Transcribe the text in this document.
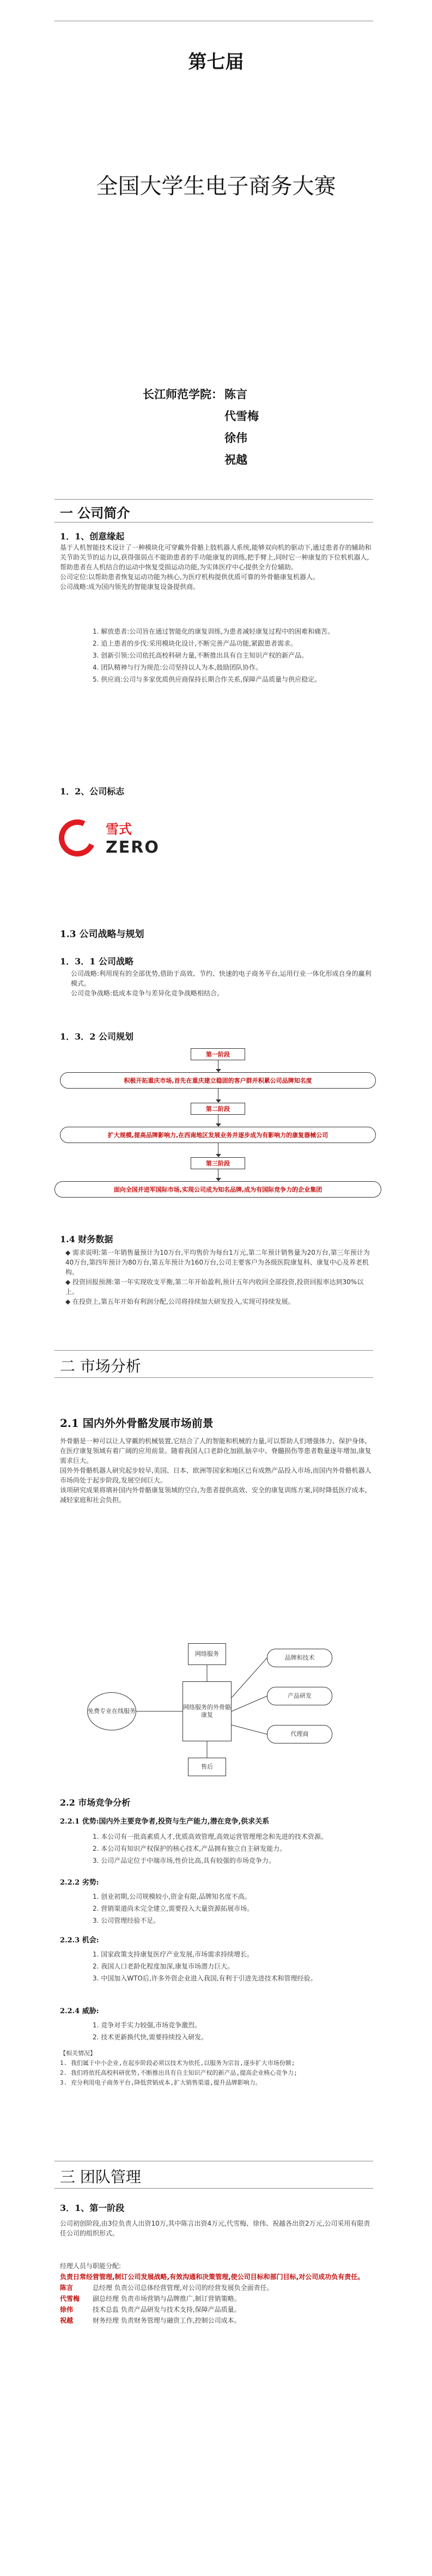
第七届
全国大学生电子商务大赛
长江师范学院： 陈言
代雪梅
徐伟
祝越
一 公司简介
1．1、创意缘起

基于人机智能技术设计了一种模块化可穿戴外骨骼上肢机器人系统,能够双向机的驱动下,通过患者存的辅助和关节助关节的运力以,获得强弱点不能助患者的手功能康复的训练,把手臂上,同时它一种康复的下位机机器人,帮助患者在人机结合的运动中恢复受损运动功能,为实体医疗中心提供全方位辅助。

公司定位:以帮助患者恢复运动功能为核心,为医疗机构提供优质可靠的外骨骼康复机器人。

公司战略:成为国内领先的智能康复设备提供商。

1. 解放患者:公司旨在通过智能化的康复训练,为患者减轻康复过程中的困难和痛苦。
2. 追上患者的步伐:采用模块化设计,不断完善产品功能,紧跟患者需求。
3. 创新引领:公司依托高校科研力量,不断推出具有自主知识产权的新产品。
4. 团队精神与行为规范:公司坚持以人为本,鼓励团队协作。
5. 供应商:公司与多家优质供应商保持长期合作关系,保障产品质量与供应稳定。
1．2、公司标志
雪式
ZERO
1.3 公司战略与规划
1．3．1 公司战略

公司战略:利用现有的全部优势,借助于高效、节约、快速的电子商务平台,运用行业一体化形成自身的赢利模式。

公司竞争战略:低成本竞争与差异化竞争战略相结合。

1．3．2 公司规划
第一阶段
积极开拓重庆市场,首先在重庆建立稳固的客户群并积累公司品牌知名度
第二阶段
扩大规模,提高品牌影响力,在西南地区发展业务并逐步成为有影响力的康复器械公司
第三阶段
面向全国并进军国际市场,实现公司成为知名品牌,成为有国际竞争力的企业集团
1.4 财务数据

◆ 需求说明:第一年销售量预计为10万台,平均售价为每台1万元,第二年预计销售量为20万台,第三年预计为40万台,第四年预计为80万台,第五年预计为160万台,公司主要客户为各级医院康复科、康复中心及养老机构。

◆ 投资回报预测:第一年实现收支平衡,第二年开始盈利,预计五年内收回全部投资,投资回报率达到30%以上。

◆ 在投资上,第五年开始有利润分配,公司将持续加大研发投入,实现可持续发展。

二 市场分析
2.1 国内外外骨骼发展市场前景

外骨骼是一种可以让人穿戴的机械装置,它结合了人的智能和机械的力量,可以帮助人们增强体力、保护身体,在医疗康复领域有着广阔的应用前景。随着我国人口老龄化加剧,脑卒中、脊髓损伤等患者数量逐年增加,康复需求巨大。

国外外骨骼机器人研究起步较早,美国、日本、欧洲等国家和地区已有成熟产品投入市场,而国内外骨骼机器人市场尚处于起步阶段,发展空间巨大。

该项研究成果将填补国内外骨骼康复领域的空白,为患者提供高效、安全的康复训练方案,同时降低医疗成本,减轻家庭和社会负担。

网络服务
网络服务的外骨骼康复
免费专业在线服务
品牌和技术
产品研发
代理商
售后
2.2 市场竞争分析
2.2.1 优势:国内外主要竞争者,投资与生产能力,潜在竞争,供求关系
1. 本公司有一批高素质人才,优质高效管理,高效运营管理理念和先进的技术资源。
2. 本公司有知识产权保护的核心技术,产品拥有独立自主研发能力。
3. 公司产品定位于中端市场,性价比高,具有较强的市场竞争力。
2.2.2 劣势:
1. 创业初期,公司规模较小,资金有限,品牌知名度不高。
2. 营销渠道尚未完全建立,需要投入大量资源拓展市场。
3. 公司管理经验不足。
2.2.3 机会:
1. 国家政策支持康复医疗产业发展,市场需求持续增长。
2. 我国人口老龄化程度加深,康复市场潜力巨大。
3. 中国加入WTO后,许多外资企业进入我国,有利于引进先进技术和管理经验。
2.2.4 威胁:
1. 竞争对手实力较强,市场竞争激烈。
2. 技术更新换代快,需要持续投入研发。

【相关情况】

1. 我们属于中小企业,在起步阶段必须以技术为依托,以服务为宗旨,逐步扩大市场份额;

2. 我们将依托高校科研优势,不断推出具有自主知识产权的新产品,提高企业核心竞争力;

3. 充分利用电子商务平台,降低营销成本,扩大销售渠道,提升品牌影响力。

三 团队管理
3．1、第一阶段
公司初创阶段,由3位负责人出资10万,其中陈言出资4万元,代雪梅、徐伟、祝越各出资2万元,公司采用有限责任公司的组织形式。
经理人员与职能分配:
负责日常经营管理,制订公司发展战略,有效沟通和决策管理,使公司目标和部门目标,对公司成功负有责任。
陈言	总经理 负责公司总体经营管理,对公司的经营发展负全面责任。
代雪梅 副总经理 负责市场营销与品牌推广,制订营销策略。
徐伟	技术总监 负责产品研发与技术支持,保障产品质量。
祝越	财务经理 负责财务管理与融资工作,控制公司成本。
